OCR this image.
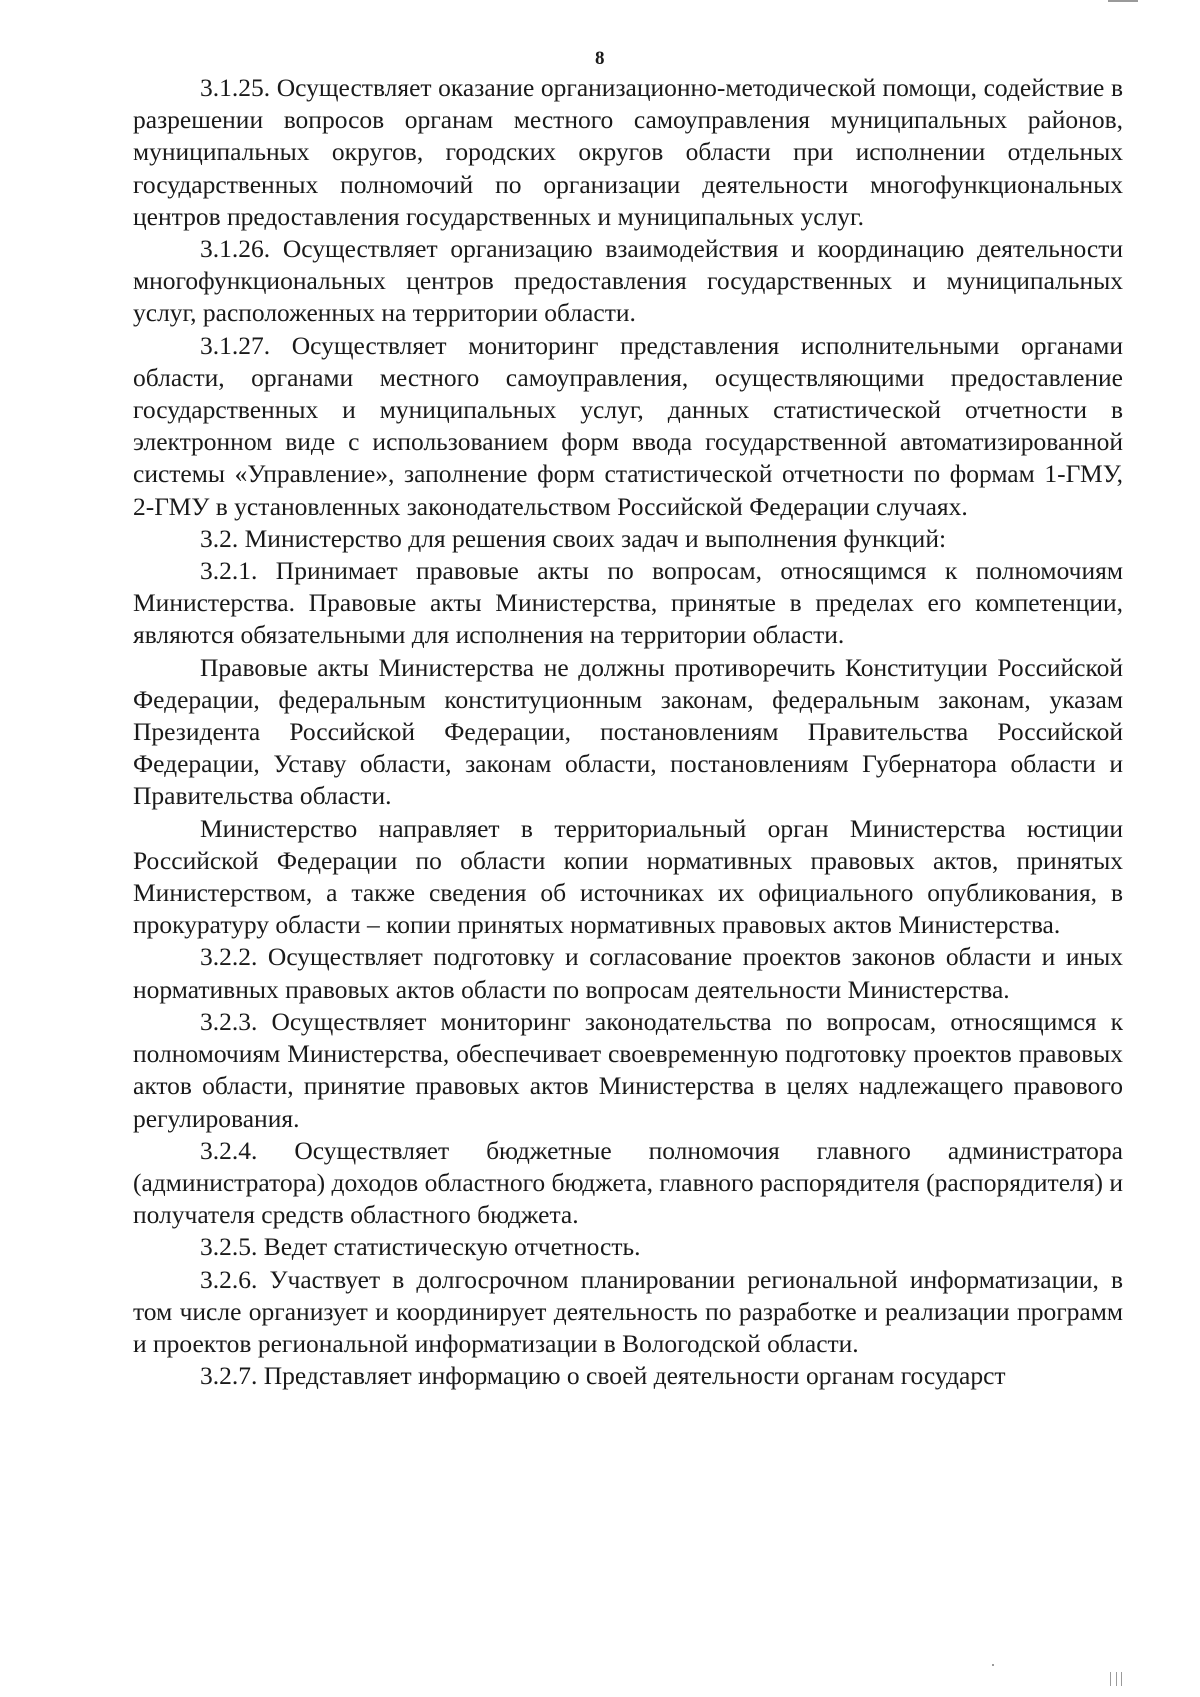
8

3.1.25. Осуществляет оказание организационно-методической помощи, содействие в разрешении вопросов органам местного самоуправления муниципальных районов, муниципальных округов, городских округов области при исполнении отдельных государственных полномочий по организации деятельности многофункциональных центров предоставления государственных и муниципальных услуг.

3.1.26. Осуществляет организацию взаимодействия и координацию деятельности многофункциональных центров предоставления государственных и муниципальных услуг, расположенных на территории области.

3.1.27. Осуществляет мониторинг представления исполнительными органами области, органами местного самоуправления, осуществляющими предоставление государственных и муниципальных услуг, данных статистической отчетности в электронном виде с использованием форм ввода государственной автоматизированной системы «Управление», заполнение форм статистической отчетности по формам 1-ГМУ, 2-ГМУ в установленных законодательством Российской Федерации случаях.

3.2. Министерство для решения своих задач и выполнения функций:

3.2.1. Принимает правовые акты по вопросам, относящимся к полномочиям Министерства. Правовые акты Министерства, принятые в пределах его компетенции, являются обязательными для исполнения на территории области.

Правовые акты Министерства не должны противоречить Конституции Российской Федерации, федеральным конституционным законам, федеральным законам, указам Президента Российской Федерации, постановлениям Правительства Российской Федерации, Уставу области, законам области, постановлениям Губернатора области и Правительства области.

Министерство направляет в территориальный орган Министерства юстиции Российской Федерации по области копии нормативных правовых актов, принятых Министерством, а также сведения об источниках их официального опубликования, в прокуратуру области – копии принятых нормативных правовых актов Министерства.

3.2.2. Осуществляет подготовку и согласование проектов законов области и иных нормативных правовых актов области по вопросам деятельности Министерства.

3.2.3. Осуществляет мониторинг законодательства по вопросам, относящимся к полномочиям Министерства, обеспечивает своевременную подготовку проектов правовых актов области, принятие правовых актов Министерства в целях надлежащего правового регулирования.

3.2.4. Осуществляет бюджетные полномочия главного администратора (администратора) доходов областного бюджета, главного распорядителя (распорядителя) и получателя средств областного бюджета.

3.2.5. Ведет статистическую отчетность.

3.2.6. Участвует в долгосрочном планировании региональной информатизации, в том числе организует и координирует деятельность по разработке и реализации программ и проектов региональной информатизации в Вологодской области.

3.2.7. Представляет информацию о своей деятельности органам государст
